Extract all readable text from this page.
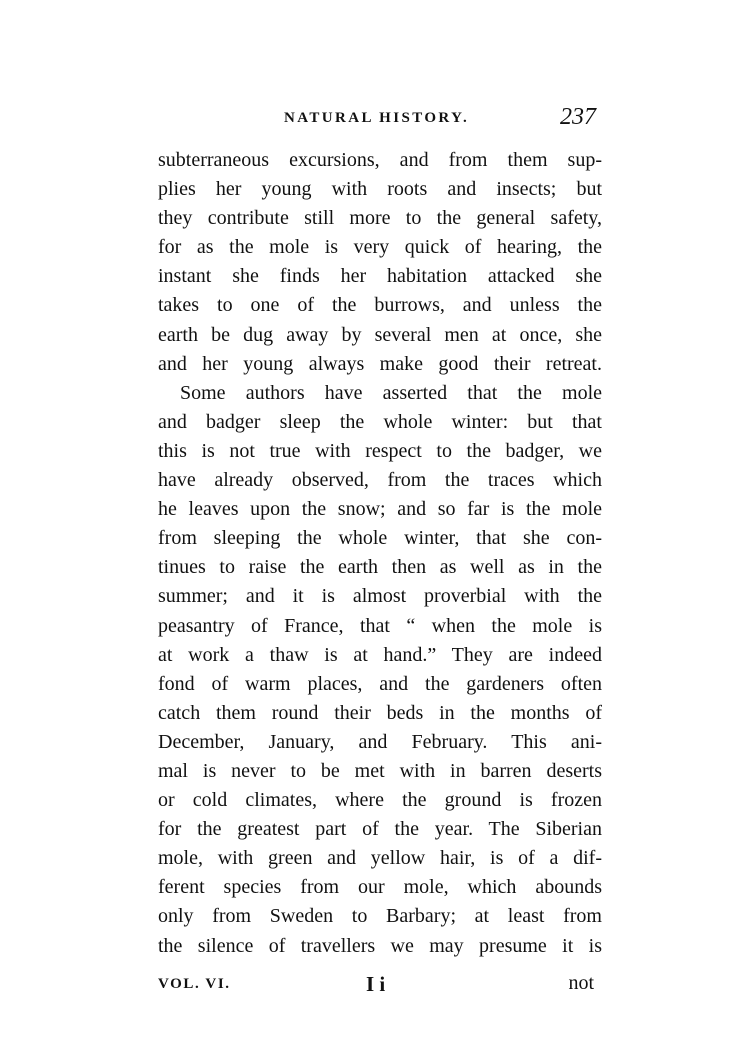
NATURAL HISTORY.	237
subterraneous excursions, and from them sup-
plies her young with roots and insects; but
they contribute still more to the general safety,
for as the mole is very quick of hearing, the
instant she finds her habitation attacked she
takes to one of the burrows, and unless the
earth be dug away by several men at once, she
and her young always make good their retreat.
Some authors have asserted that the mole
and badger sleep the whole winter: but that
this is not true with respect to the badger, we
have already observed, from the traces which
he leaves upon the snow; and so far is the mole
from sleeping the whole winter, that she con-
tinues to raise the earth then as well as in the
summer; and it is almost proverbial with the
peasantry of France, that “ when the mole is
at work a thaw is at hand.” They are indeed
fond of warm places, and the gardeners often
catch them round their beds in the months of
December, January, and February. This ani-
mal is never to be met with in barren deserts
or cold climates, where the ground is frozen
for the greatest part of the year. The Siberian
mole, with green and yellow hair, is of a dif-
ferent species from our mole, which abounds
only from Sweden to Barbary; at least from
the silence of travellers we may presume it is
VOL. VI.	I i	not
